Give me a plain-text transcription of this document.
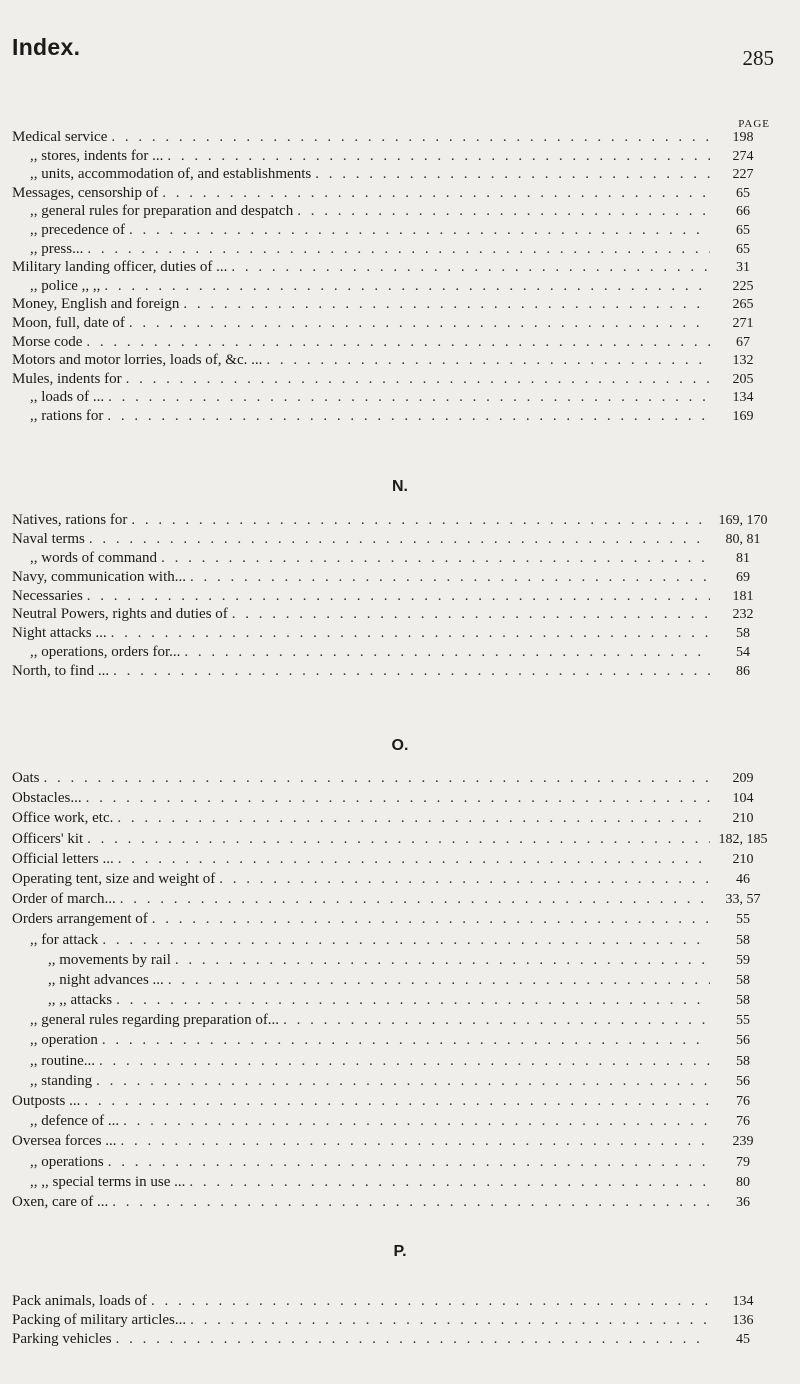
Index.	285
PAGE
Medical service . . .	198
,, stores, indents for ... . . .	274
,, units, accommodation of, and establishments . . .	227
Messages, censorship of . . .	65
,, general rules for preparation and despatch . . .	66
,, precedence of . . .	65
,, press... . . .	65
Military landing officer, duties of ... . . .	31
,, police ,, ,, . . .	225
Money, English and foreign . . .	265
Moon, full, date of . . .	271
Morse code . . .	67
Motors and motor lorries, loads of, &c. ... . . .	132
Mules, indents for . . .	205
,, loads of ... . . .	134
,, rations for . . .	169
N.
Natives, rations for . . .	169, 170
Naval terms . . .	80, 81
,, words of command . . .	81
Navy, communication with... . . .	69
Necessaries . . .	181
Neutral Powers, rights and duties of . . .	232
Night attacks ... . . .	58
,, operations, orders for... . . .	54
North, to find ... . . .	86
O.
Oats . . .	209
Obstacles... . . .	104
Office work, etc. . . .	210
Officers' kit . . .	182, 185
Official letters ... . . .	210
Operating tent, size and weight of . . .	46
Order of march... . . .	33, 57
Orders arrangement of . . .	55
,, for attack . . .	58
,, movements by rail . . .	59
,, night advances ... . . .	58
,, ,, attacks . . .	58
,, general rules regarding preparation of... . . .	55
,, operation . . .	56
,, routine... . . .	58
,, standing . . .	56
Outposts ... . . .	76
,, defence of ... . . .	76
Oversea forces ... . . .	239
,, operations . . .	79
,, ,, special terms in use ... . . .	80
Oxen, care of ... . . .	36
P.
Pack animals, loads of . . .	134
Packing of military articles... . . .	136
Parking vehicles . . .	45
